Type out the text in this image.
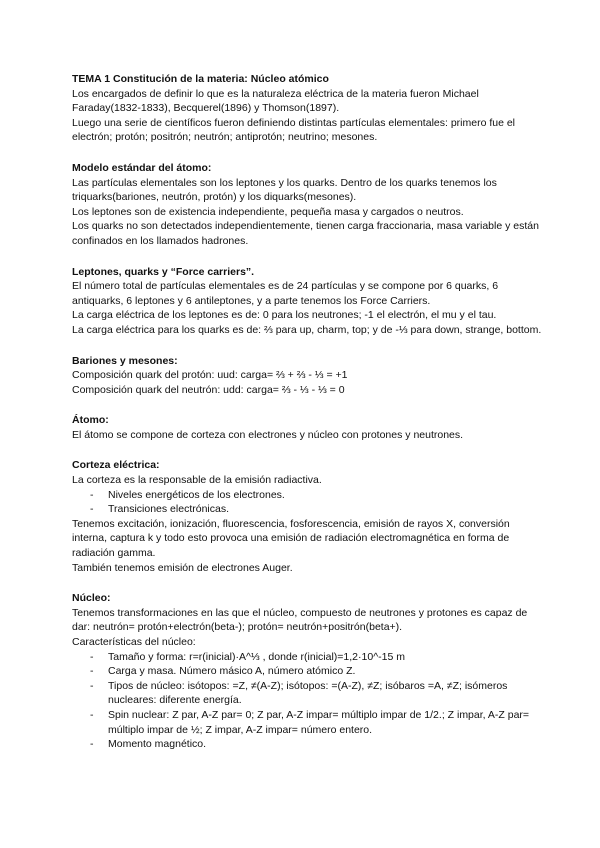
TEMA 1 Constitución de la materia: Núcleo atómico

Los encargados de definir lo que es la naturaleza eléctrica de la materia fueron Michael Faraday(1832-1833), Becquerel(1896) y Thomson(1897).

Luego una serie de científicos fueron definiendo distintas partículas elementales: primero fue el electrón; protón; positrón; neutrón; antiprotón; neutrino; mesones.

Modelo estándar del átomo:

Las partículas elementales son los leptones y los quarks. Dentro de los quarks tenemos los triquarks(bariones, neutrón, protón) y los diquarks(mesones).

Los leptones son de existencia independiente, pequeña masa y cargados o neutros.

Los quarks no son detectados independientemente, tienen carga fraccionaria, masa variable y están confinados en los llamados hadrones.

Leptones, quarks y “Force carriers”.

El número total de partículas elementales es de 24 partículas y se compone por 6 quarks, 6 antiquarks, 6 leptones y 6 antileptones, y a parte tenemos los Force Carriers.

La carga eléctrica de los leptones es de: 0 para los neutrones; -1 el electrón, el mu y el tau.

La carga eléctrica para los quarks es de: ⅔ para up, charm, top; y de -⅓ para down, strange, bottom.

Bariones y mesones:

Composición quark del protón: uud: carga= ⅔ + ⅔ - ⅓ = +1

Composición quark del neutrón: udd: carga= ⅔ - ⅓ - ⅓ = 0

Átomo:

El átomo se compone de corteza con electrones y núcleo con protones y neutrones.

Corteza eléctrica:

La corteza es la responsable de la emisión radiactiva.

- Niveles energéticos de los electrones.
- Transiciones electrónicas.

Tenemos excitación, ionización, fluorescencia, fosforescencia, emisión de rayos X, conversión interna, captura k y todo esto provoca una emisión de radiación electromagnética en forma de radiación gamma.

También tenemos emisión de electrones Auger.

Núcleo:

Tenemos transformaciones en las que el núcleo, compuesto de neutrones y protones es capaz de dar: neutrón= protón+electrón(beta-); protón= neutrón+positrón(beta+).

Características del núcleo:

- Tamaño y forma: r=r(inicial)·A^⅓ , donde r(inicial)=1,2·10^-15 m
- Carga y masa. Número másico A, número atómico Z.
- Tipos de núcleo: isótopos: =Z, ≠(A-Z); isótopos: =(A-Z), ≠Z; isóbaros =A, ≠Z; isómeros nucleares: diferente energía.
- Spin nuclear: Z par, A-Z par= 0; Z par, A-Z impar= múltiplo impar de 1/2.; Z impar, A-Z par= múltiplo impar de ½; Z impar, A-Z impar= número entero.
- Momento magnético.
